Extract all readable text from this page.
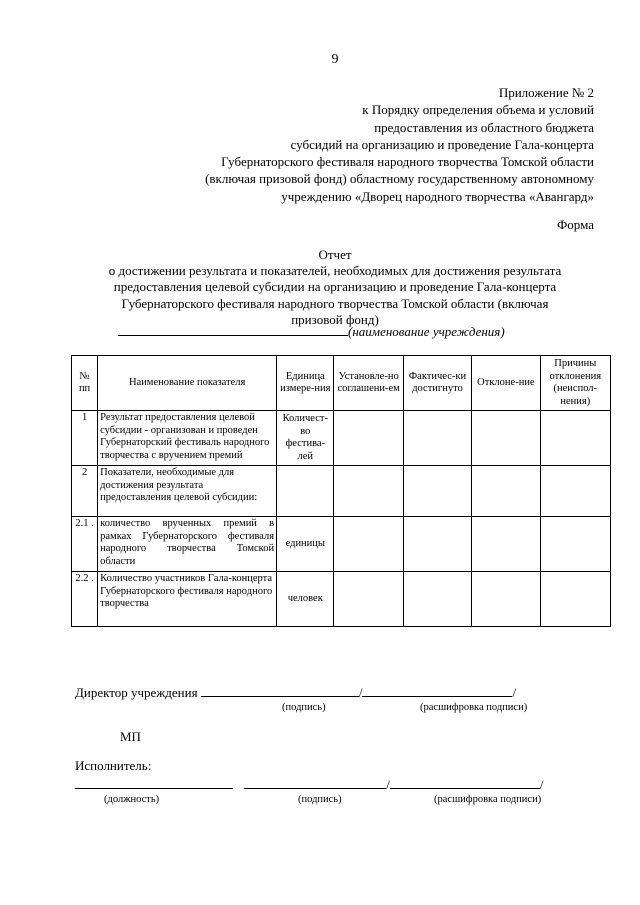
9
Приложение № 2
к Порядку определения объема и условий
предоставления из областного бюджета
субсидий на организацию и проведение Гала-концерта
Губернаторского фестиваля народного творчества Томской области
(включая призовой фонд) областному государственному автономному
учреждению «Дворец народного творчества «Авангард»
Форма
Отчет
о достижении результата и показателей, необходимых для достижения результата
предоставления целевой субсидии на организацию и проведение Гала-концерта
Губернаторского фестиваля народного творчества Томской области (включая
призовой фонд)
(наименование учреждения)
№ пп	Наименование показателя	Единица измере-ния	Установле-но соглашени-ем	Фактичес-ки достигнуто	Отклоне-ние	Причины отклонения (неиспол-нения)
1	Результат предоставления целевой субсидии - организован и проведен Губернаторский фестиваль народного творчества с вручением премий	Количест-во фестива-лей				
2	Показатели, необходимые для достижения результата предоставления целевой субсидии:					
2.1 .	количество врученных премий в рамках Губернаторского фестиваля народного творчества Томской области	единицы				
2.2 .	Количество участников Гала-концерта Губернаторского фестиваля народного творчества	человек				
Директор учреждения	/	/
(подпись)	(расшифровка подписи)
МП
Исполнитель:
/	/
(должность)	(подпись)	(расшифровка подписи)
